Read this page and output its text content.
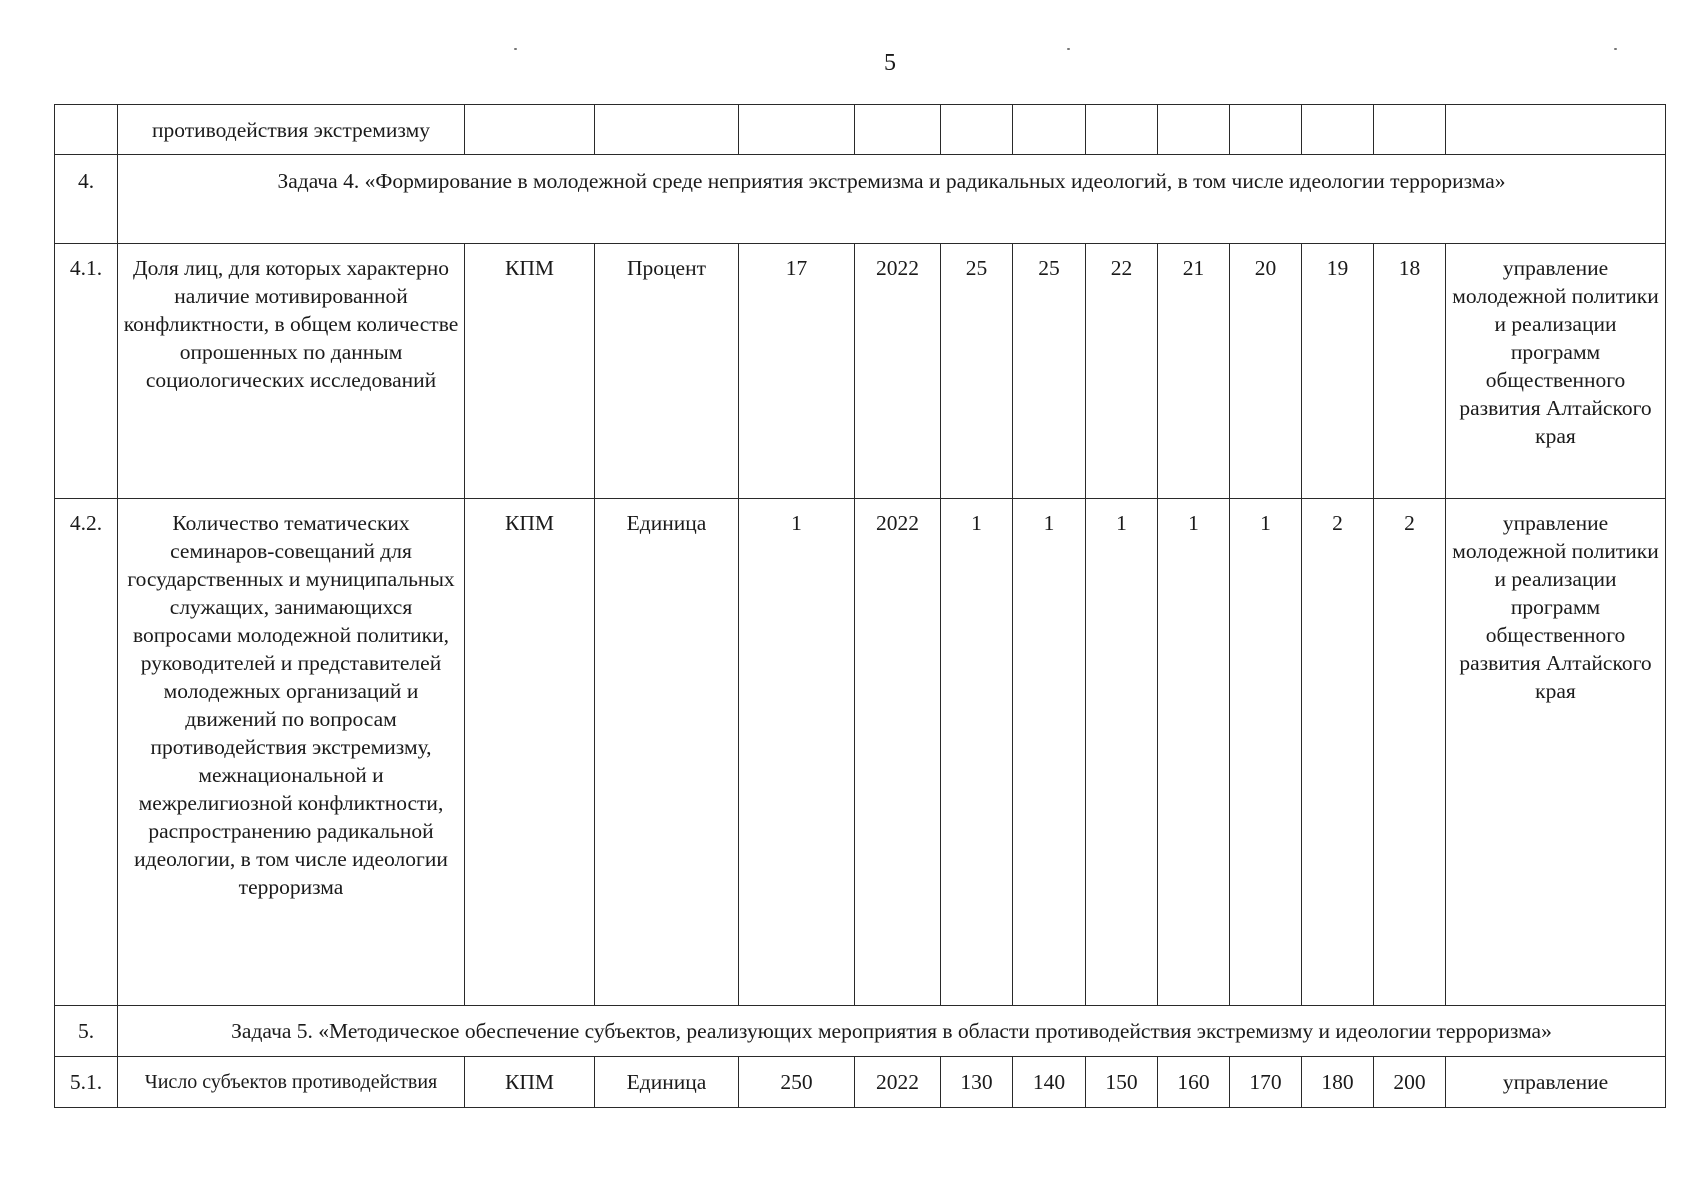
5
	противодействия экстремизму												
4.	Задача 4. «Формирование в молодежной среде неприятия экстремизма и радикальных идеологий, в том числе идеологии терроризма»												
4.1.	Доля лиц, для которых характерно наличие мотивированной конфликтности, в общем количестве опрошенных по данным социологических исследований	КПМ	Процент	17	2022	25	25	22	21	20	19	18	управление молодежной политики и реализации программ общественного развития Алтайского края
4.2.	Количество тематических семинаров-совещаний для государственных и муниципальных служащих, занимающихся вопросами молодежной политики, руководителей и представителей молодежных организаций и движений по вопросам противодействия экстремизму, межнациональной и межрелигиозной конфликтности, распространению радикальной идеологии, в том числе идеологии терроризма	КПМ	Единица	1	2022	1	1	1	1	1	2	2	управление молодежной политики и реализации программ общественного развития Алтайского края
5.	Задача 5. «Методическое обеспечение субъектов, реализующих мероприятия в области противодействия экстремизму и идеологии терроризма»												
5.1.	Число субъектов противодействия	КПМ	Единица	250	2022	130	140	150	160	170	180	200	управление
